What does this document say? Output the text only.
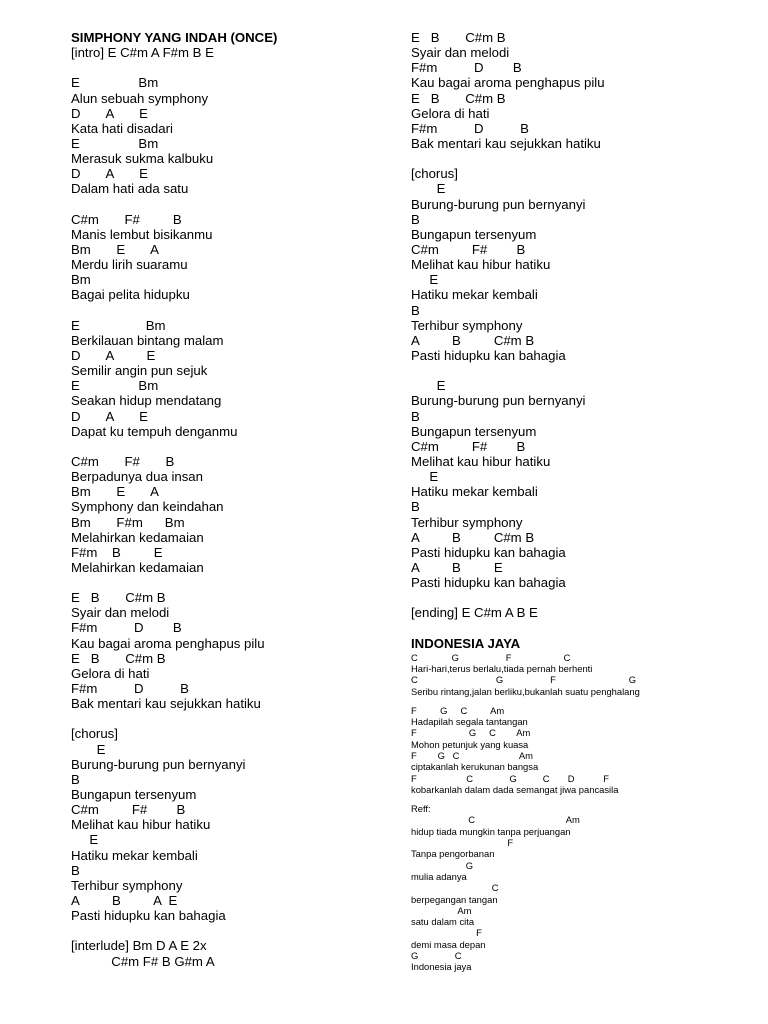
SIMPHONY YANG INDAH (ONCE)
[intro] E C#m A F#m B E
E                Bm
Alun sebuah symphony
D       A       E
Kata hati disadari
E                Bm
Merasuk sukma kalbuku
D       A       E
Dalam hati ada satu
C#m       F#         B
Manis lembut bisikanmu
Bm       E       A
Merdu lirih suaramu
Bm
Bagai pelita hidupku
E                  Bm
Berkilauan bintang malam
D       A         E
Semilir angin pun sejuk
E                Bm
Seakan hidup mendatang
D       A       E
Dapat ku tempuh denganmu
C#m       F#       B
Berpadunya dua insan
Bm       E       A
Symphony dan keindahan
Bm       F#m      Bm
Melahirkan kedamaian
F#m    B         E
Melahirkan kedamaian
E   B       C#m B
Syair dan melodi
F#m          D        B
Kau bagai aroma penghapus pilu
E   B       C#m B
Gelora di hati
F#m          D          B
Bak mentari kau sejukkan hatiku
[chorus]
E
Burung-burung pun bernyanyi
B
Bungapun tersenyum
C#m         F#        B
Melihat kau hibur hatiku
E
Hatiku mekar kembali
B
Terhibur symphony
A         B         A  E
Pasti hidupku kan bahagia
[interlude] Bm D A E 2x
C#m F# B G#m A
E   B       C#m B
Syair dan melodi
F#m          D        B
Kau bagai aroma penghapus pilu
E   B       C#m B
Gelora di hati
F#m          D          B
Bak mentari kau sejukkan hatiku
[chorus]
E
Burung-burung pun bernyanyi
B
Bungapun tersenyum
C#m         F#        B
Melihat kau hibur hatiku
E
Hatiku mekar kembali
B
Terhibur symphony
A         B         C#m B
Pasti hidupku kan bahagia
E
Burung-burung pun bernyanyi
B
Bungapun tersenyum
C#m         F#        B
Melihat kau hibur hatiku
E
Hatiku mekar kembali
B
Terhibur symphony
A         B         C#m B
Pasti hidupku kan bahagia
A         B         E
Pasti hidupku kan bahagia
[ending] E C#m A B E
INDONESIA JAYA
C             G                  F                    C
Hari-hari,terus berlalu,tiada pernah berhenti
C                              G                  F                            G
Seribu rintang,jalan berliku,bukanlah suatu penghalang
F         G     C         Am
Hadapilah segala tantangan
F                    G     C        Am
Mohon petunjuk yang kuasa
F        G   C                       Am
ciptakanlah kerukunan bangsa
F                   C              G          C       D           F
kobarkanlah dalam dada semangat jiwa pancasila
Reff:
C                                   Am
hidup tiada mungkin tanpa perjuangan
F
Tanpa pengorbanan
G
mulia adanya
C
berpegangan tangan
Am
satu dalam cita
F
demi masa depan
G              C
Indonesia jaya
